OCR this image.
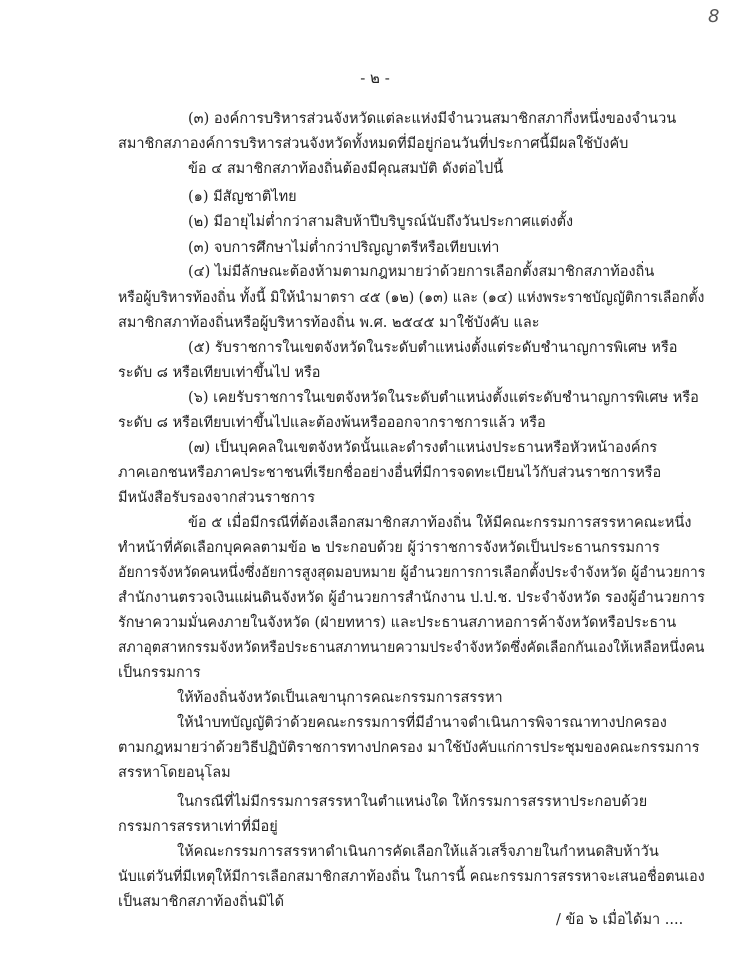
8
- ๒ -
(๓) องค์การบริหารส่วนจังหวัดแต่ละแห่งมีจำนวนสมาชิกสภากึ่งหนึ่งของจำนวน
สมาชิกสภาองค์การบริหารส่วนจังหวัดทั้งหมดที่มีอยู่ก่อนวันที่ประกาศนี้มีผลใช้บังคับ
ข้อ ๔ สมาชิกสภาท้องถิ่นต้องมีคุณสมบัติ ดังต่อไปนี้
(๑) มีสัญชาติไทย
(๒) มีอายุไม่ต่ำกว่าสามสิบห้าปีบริบูรณ์นับถึงวันประกาศแต่งตั้ง
(๓) จบการศึกษาไม่ต่ำกว่าปริญญาตรีหรือเทียบเท่า
(๔) ไม่มีลักษณะต้องห้ามตามกฎหมายว่าด้วยการเลือกตั้งสมาชิกสภาท้องถิ่น
หรือผู้บริหารท้องถิ่น ทั้งนี้ มิให้นำมาตรา ๔๕ (๑๒) (๑๓) และ (๑๔) แห่งพระราชบัญญัติการเลือกตั้ง
สมาชิกสภาท้องถิ่นหรือผู้บริหารท้องถิ่น พ.ศ. ๒๕๔๕ มาใช้บังคับ และ
(๕) รับราชการในเขตจังหวัดในระดับตำแหน่งตั้งแต่ระดับชำนาญการพิเศษ หรือ
ระดับ ๘ หรือเทียบเท่าขึ้นไป หรือ
(๖) เคยรับราชการในเขตจังหวัดในระดับตำแหน่งตั้งแต่ระดับชำนาญการพิเศษ หรือ
ระดับ ๘ หรือเทียบเท่าขึ้นไปและต้องพ้นหรือออกจากราชการแล้ว หรือ
(๗) เป็นบุคคลในเขตจังหวัดนั้นและดำรงตำแหน่งประธานหรือหัวหน้าองค์กร
ภาคเอกชนหรือภาคประชาชนที่เรียกชื่ออย่างอื่นที่มีการจดทะเบียนไว้กับส่วนราชการหรือ
มีหนังสือรับรองจากส่วนราชการ
ข้อ ๕ เมื่อมีกรณีที่ต้องเลือกสมาชิกสภาท้องถิ่น ให้มีคณะกรรมการสรรหาคณะหนึ่ง
ทำหน้าที่คัดเลือกบุคคลตามข้อ ๒ ประกอบด้วย ผู้ว่าราชการจังหวัดเป็นประธานกรรมการ
อัยการจังหวัดคนหนึ่งซึ่งอัยการสูงสุดมอบหมาย ผู้อำนวยการการเลือกตั้งประจำจังหวัด ผู้อำนวยการ
สำนักงานตรวจเงินแผ่นดินจังหวัด ผู้อำนวยการสำนักงาน ป.ป.ช. ประจำจังหวัด รองผู้อำนวยการ
รักษาความมั่นคงภายในจังหวัด (ฝ่ายทหาร) และประธานสภาหอการค้าจังหวัดหรือประธาน
สภาอุตสาหกรรมจังหวัดหรือประธานสภาทนายความประจำจังหวัดซึ่งคัดเลือกกันเองให้เหลือหนึ่งคน
เป็นกรรมการ
ให้ท้องถิ่นจังหวัดเป็นเลขานุการคณะกรรมการสรรหา
ให้นำบทบัญญัติว่าด้วยคณะกรรมการที่มีอำนาจดำเนินการพิจารณาทางปกครอง
ตามกฎหมายว่าด้วยวิธีปฏิบัติราชการทางปกครอง มาใช้บังคับแก่การประชุมของคณะกรรมการ
สรรหาโดยอนุโลม
ในกรณีที่ไม่มีกรรมการสรรหาในตำแหน่งใด ให้กรรมการสรรหาประกอบด้วย
กรรมการสรรหาเท่าที่มีอยู่
ให้คณะกรรมการสรรหาดำเนินการคัดเลือกให้แล้วเสร็จภายในกำหนดสิบห้าวัน
นับแต่วันที่มีเหตุให้มีการเลือกสมาชิกสภาท้องถิ่น ในการนี้ คณะกรรมการสรรหาจะเสนอชื่อตนเอง
เป็นสมาชิกสภาท้องถิ่นมิได้
/ ข้อ ๖ เมื่อได้มา ....
